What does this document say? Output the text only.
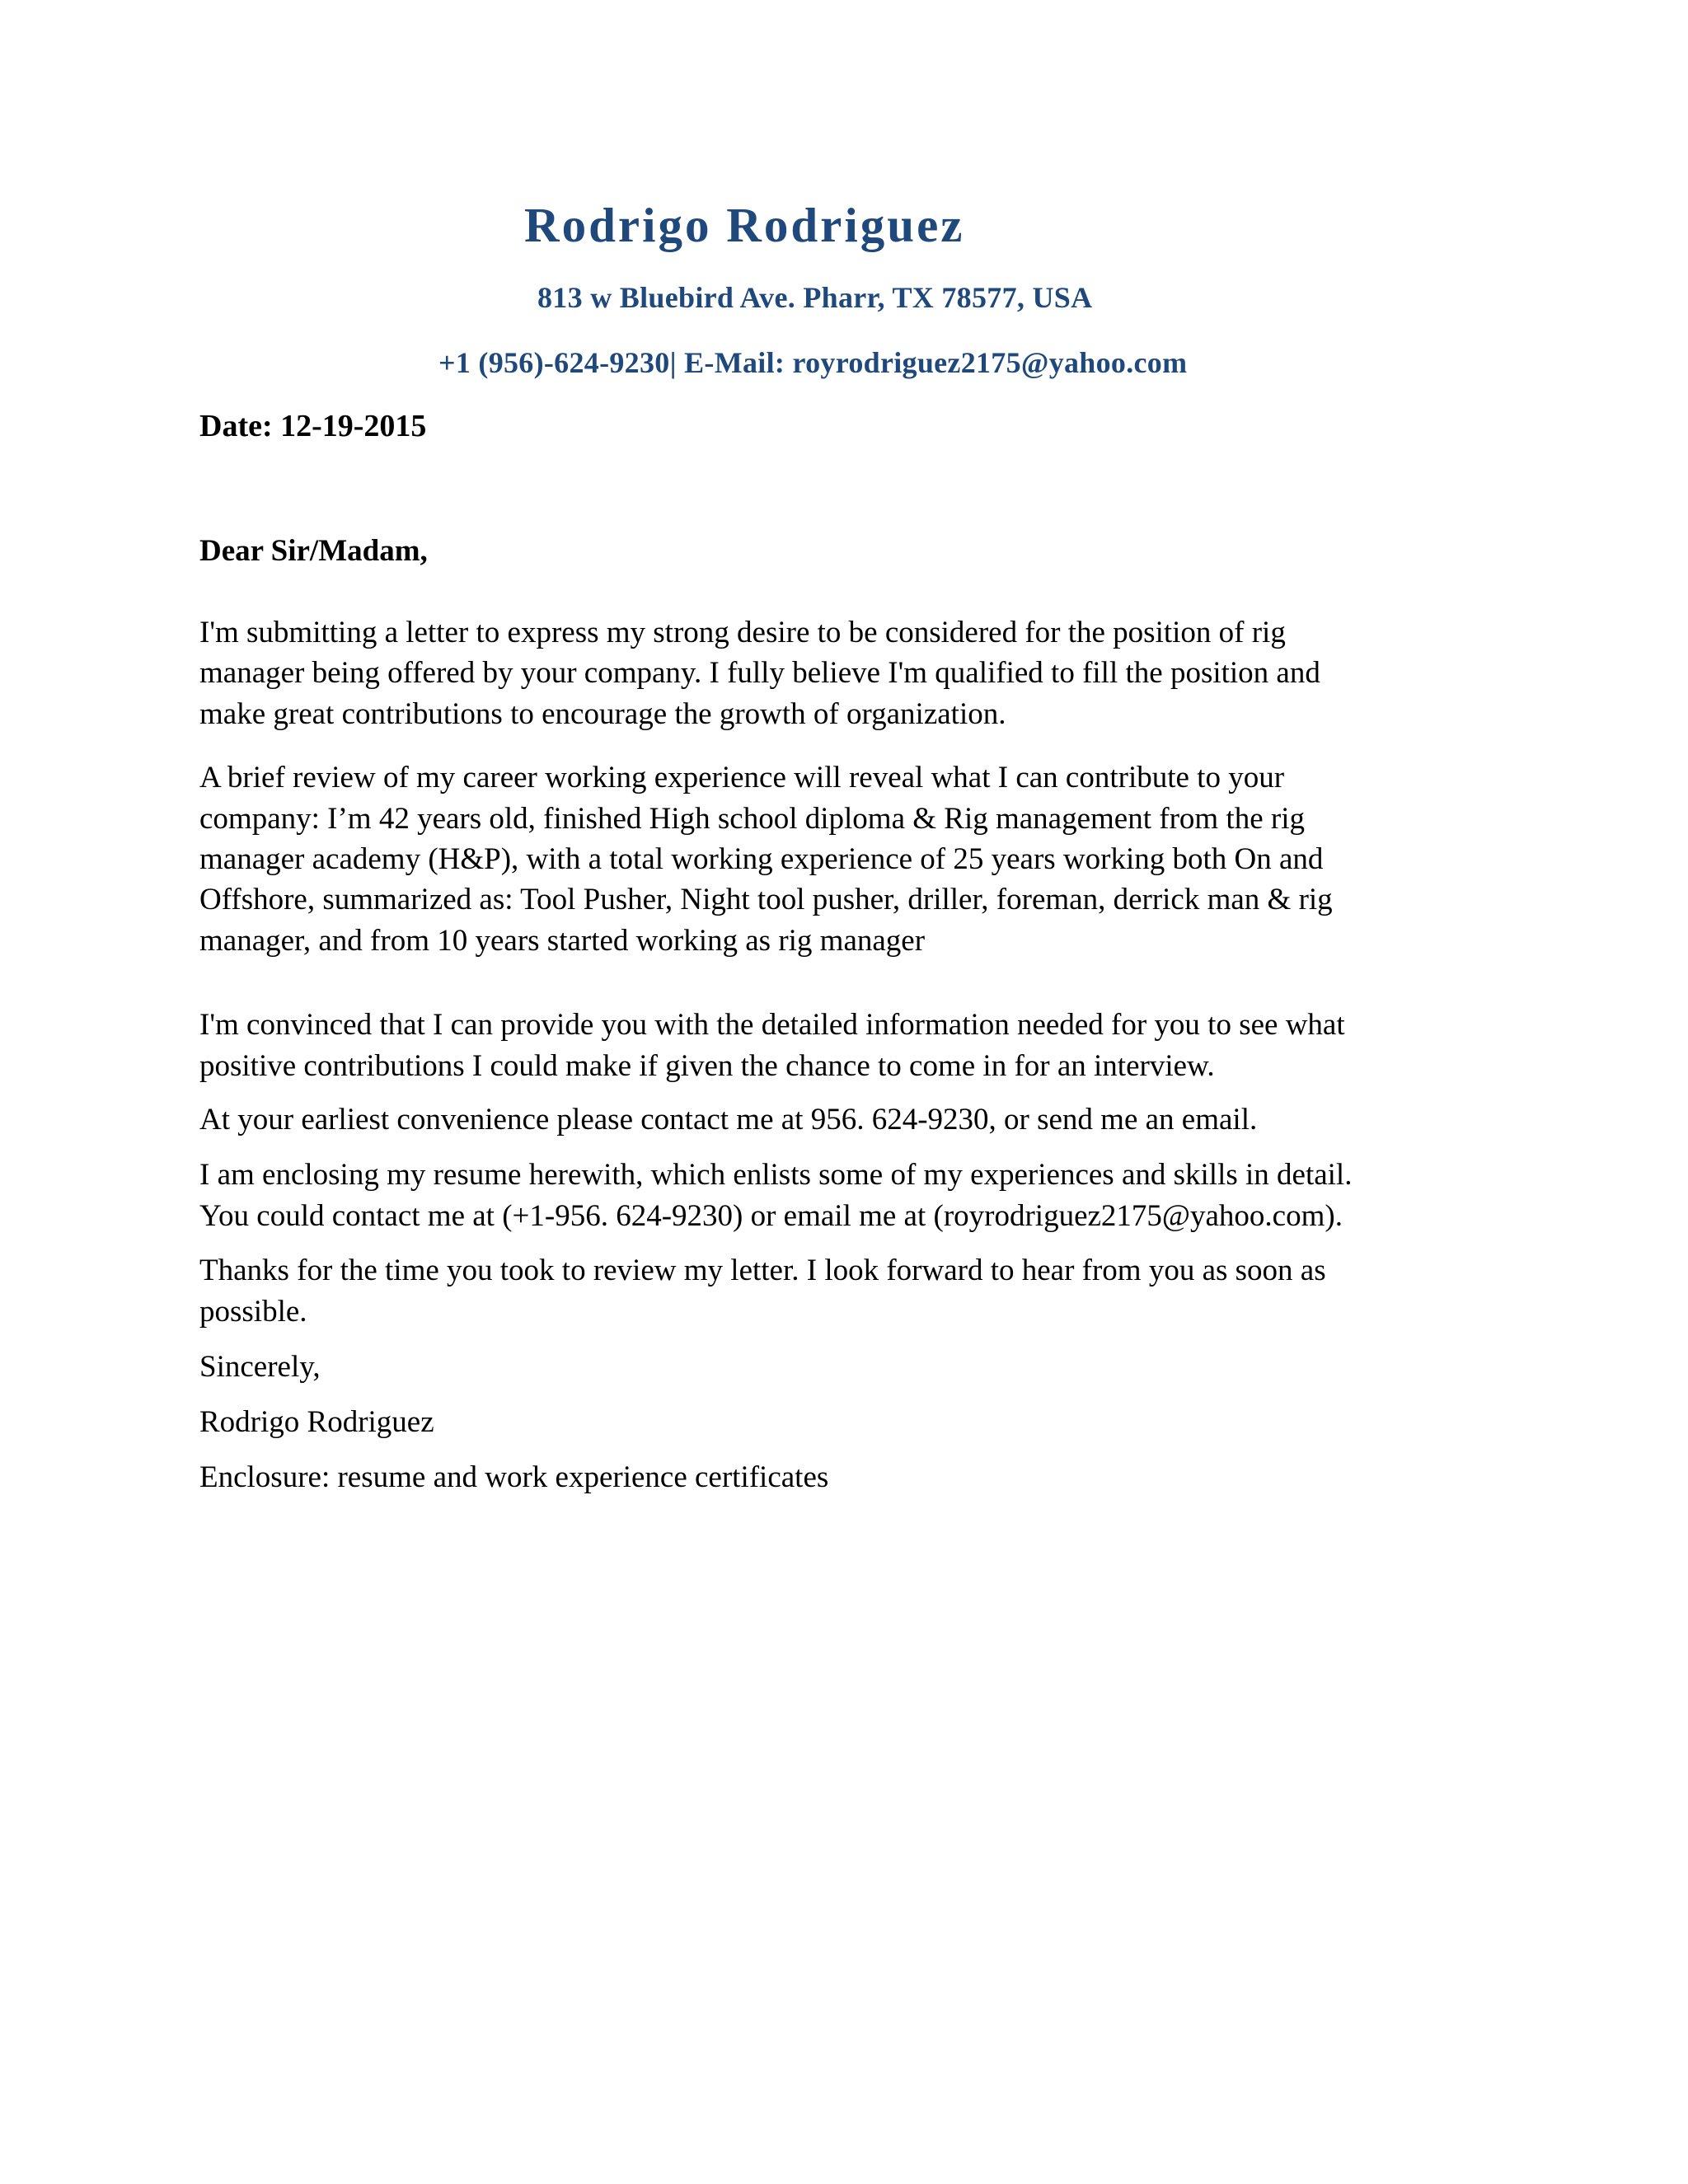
Rodrigo Rodriguez
813 w Bluebird Ave. Pharr, TX 78577, USA
+1 (956)-624-9230| E-Mail: royrodriguez2175@yahoo.com
Date: 12-19-2015
Dear Sir/Madam,
I'm submitting a letter to express my strong desire to be considered for the position of rig
manager being offered by your company. I fully believe I'm qualified to fill the position and
make great contributions to encourage the growth of organization.
A brief review of my career working experience will reveal what I can contribute to your
company: I’m 42 years old, finished High school diploma & Rig management from the rig
manager academy (H&P), with a total working experience of 25 years working both On and
Offshore, summarized as: Tool Pusher, Night tool pusher, driller, foreman, derrick man & rig
manager, and from 10 years started working as rig manager
I'm convinced that I can provide you with the detailed information needed for you to see what
positive contributions I could make if given the chance to come in for an interview.
At your earliest convenience please contact me at 956. 624-9230, or send me an email.
I am enclosing my resume herewith, which enlists some of my experiences and skills in detail.
You could contact me at (+1-956. 624-9230) or email me at (royrodriguez2175@yahoo.com).
Thanks for the time you took to review my letter. I look forward to hear from you as soon as
possible.
Sincerely,
Rodrigo Rodriguez
Enclosure: resume and work experience certificates
